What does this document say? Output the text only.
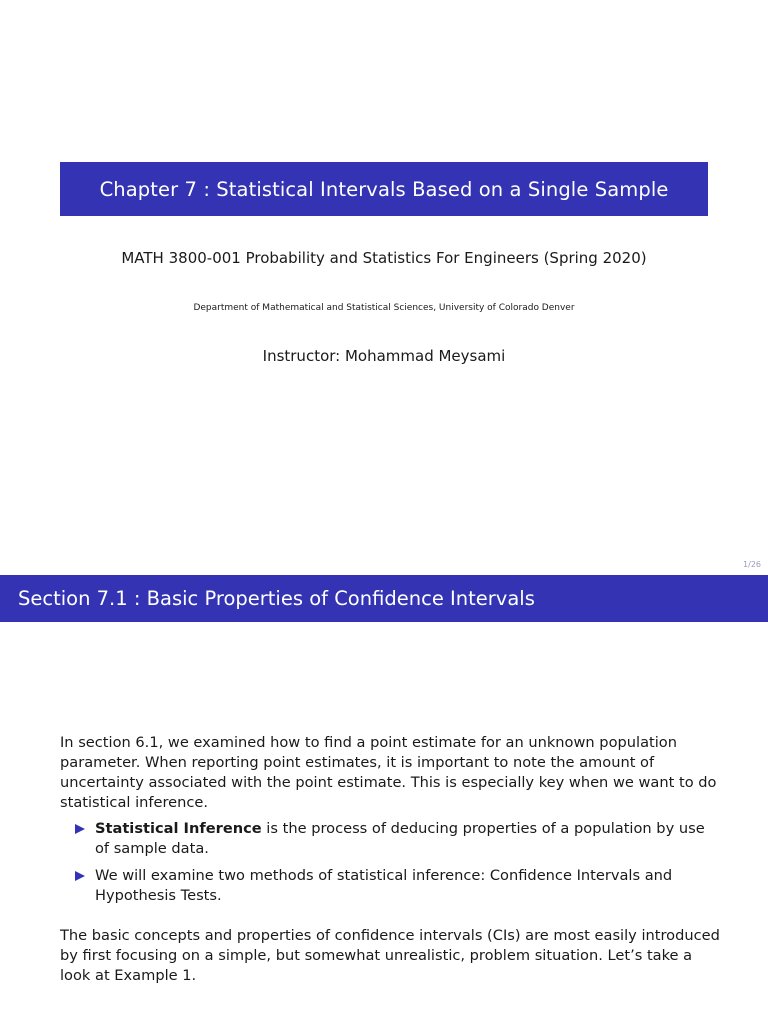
Chapter 7 : Statistical Intervals Based on a Single Sample
MATH 3800-001 Probability and Statistics For Engineers (Spring 2020)
Department of Mathematical and Statistical Sciences, University of Colorado Denver
Instructor: Mohammad Meysami
1/26
Section 7.1 : Basic Properties of Confidence Intervals

In section 6.1, we examined how to find a point estimate for an unknown population parameter. When reporting point estimates, it is important to note the amount of uncertainty associated with the point estimate. This is especially key when we want to do statistical inference.

Statistical Inference is the process of deducing properties of a population by use of sample data.
We will examine two methods of statistical inference: Confidence Intervals and Hypothesis Tests.

The basic concepts and properties of confidence intervals (CIs) are most easily introduced by first focusing on a simple, but somewhat unrealistic, problem situation. Let’s take a look at Example 1.
